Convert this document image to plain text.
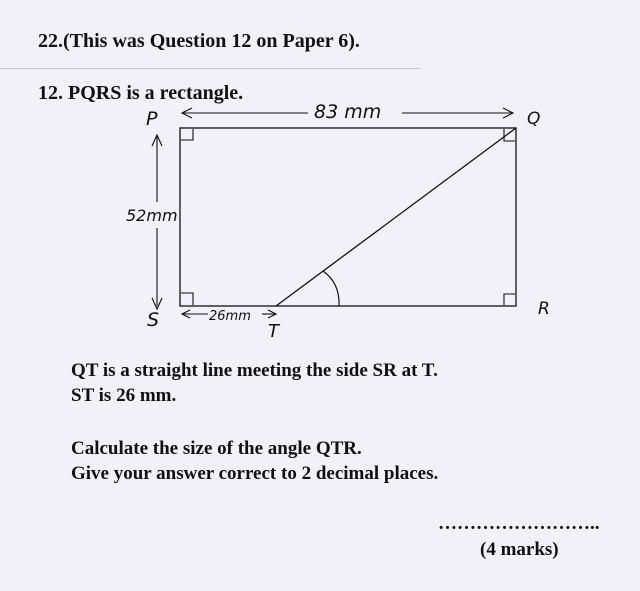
22.(This was Question 12 on Paper 6).
12. PQRS is a rectangle.
P	Q
R
S
T
83 mm
52mm
26mm
QT is a straight line meeting the side SR at T.
ST is 26 mm.
Calculate the size of the angle QTR.
Give your answer correct to 2 decimal places.
……………………..
(4 marks)
